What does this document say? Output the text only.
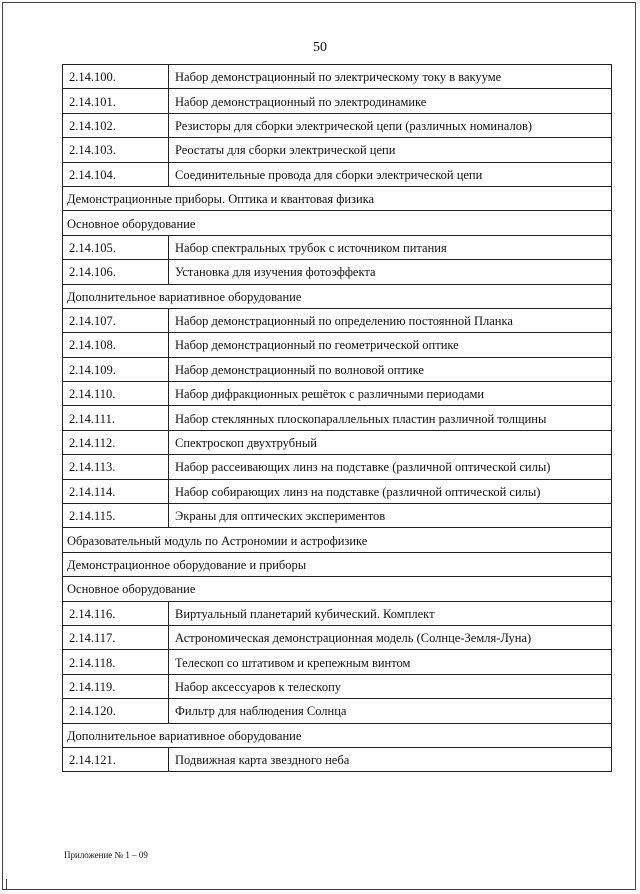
50
2.14.100.	Набор демонстрационный по электрическому току в вакууме
2.14.101.	Набор демонстрационный по электродинамике
2.14.102.	Резисторы для сборки электрической цепи (различных номиналов)
2.14.103.	Реостаты для сборки электрической цепи
2.14.104.	Соединительные провода для сборки электрической цепи
Демонстрационные приборы. Оптика и квантовая физика	
Основное оборудование	
2.14.105.	Набор спектральных трубок с источником питания
2.14.106.	Установка для изучения фотоэффекта
Дополнительное вариативное оборудование	
2.14.107.	Набор демонстрационный по определению постоянной Планка
2.14.108.	Набор демонстрационный по геометрической оптике
2.14.109.	Набор демонстрационный по волновой оптике
2.14.110.	Набор дифракционных решёток с различными периодами
2.14.111.	Набор стеклянных плоскопараллельных пластин различной толщины
2.14.112.	Спектроскоп двухтрубный
2.14.113.	Набор рассеивающих линз на подставке (различной оптической силы)
2.14.114.	Набор собирающих линз на подставке (различной оптической силы)
2.14.115.	Экраны для оптических экспериментов
Образовательный модуль по Астрономии и астрофизике	
Демонстрационное оборудование и приборы	
Основное оборудование	
2.14.116.	Виртуальный планетарий кубический. Комплект
2.14.117.	Астрономическая демонстрационная модель (Солнце-Земля-Луна)
2.14.118.	Телескоп со штативом и крепежным винтом
2.14.119.	Набор аксессуаров к телескопу
2.14.120.	Фильтр для наблюдения Солнца
Дополнительное вариативное оборудование	
2.14.121.	Подвижная карта звездного неба
Приложение № 1 – 09
